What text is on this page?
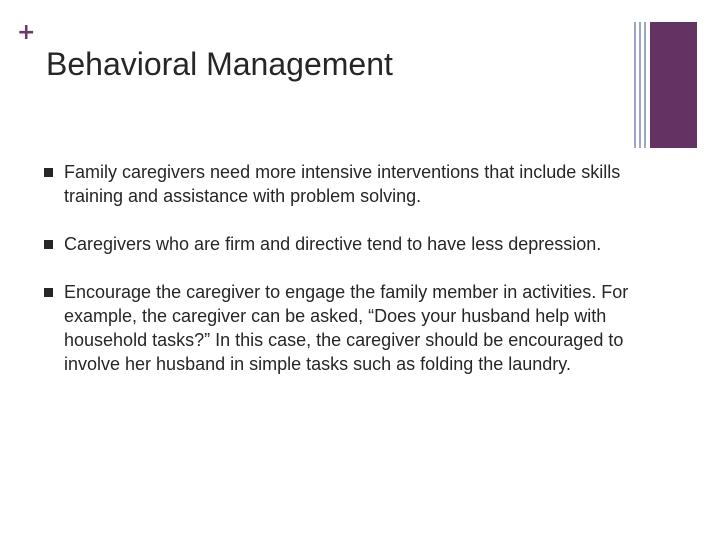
+
Behavioral Management
Family caregivers need more intensive interventions that include skills training and assistance with problem solving.
Caregivers who are firm and directive tend to have less depression.
Encourage the caregiver to engage the family member in activities. For example, the caregiver can be asked, “Does your husband help with household tasks?” In this case, the caregiver should be encouraged to involve her husband in simple tasks such as folding the laundry.
